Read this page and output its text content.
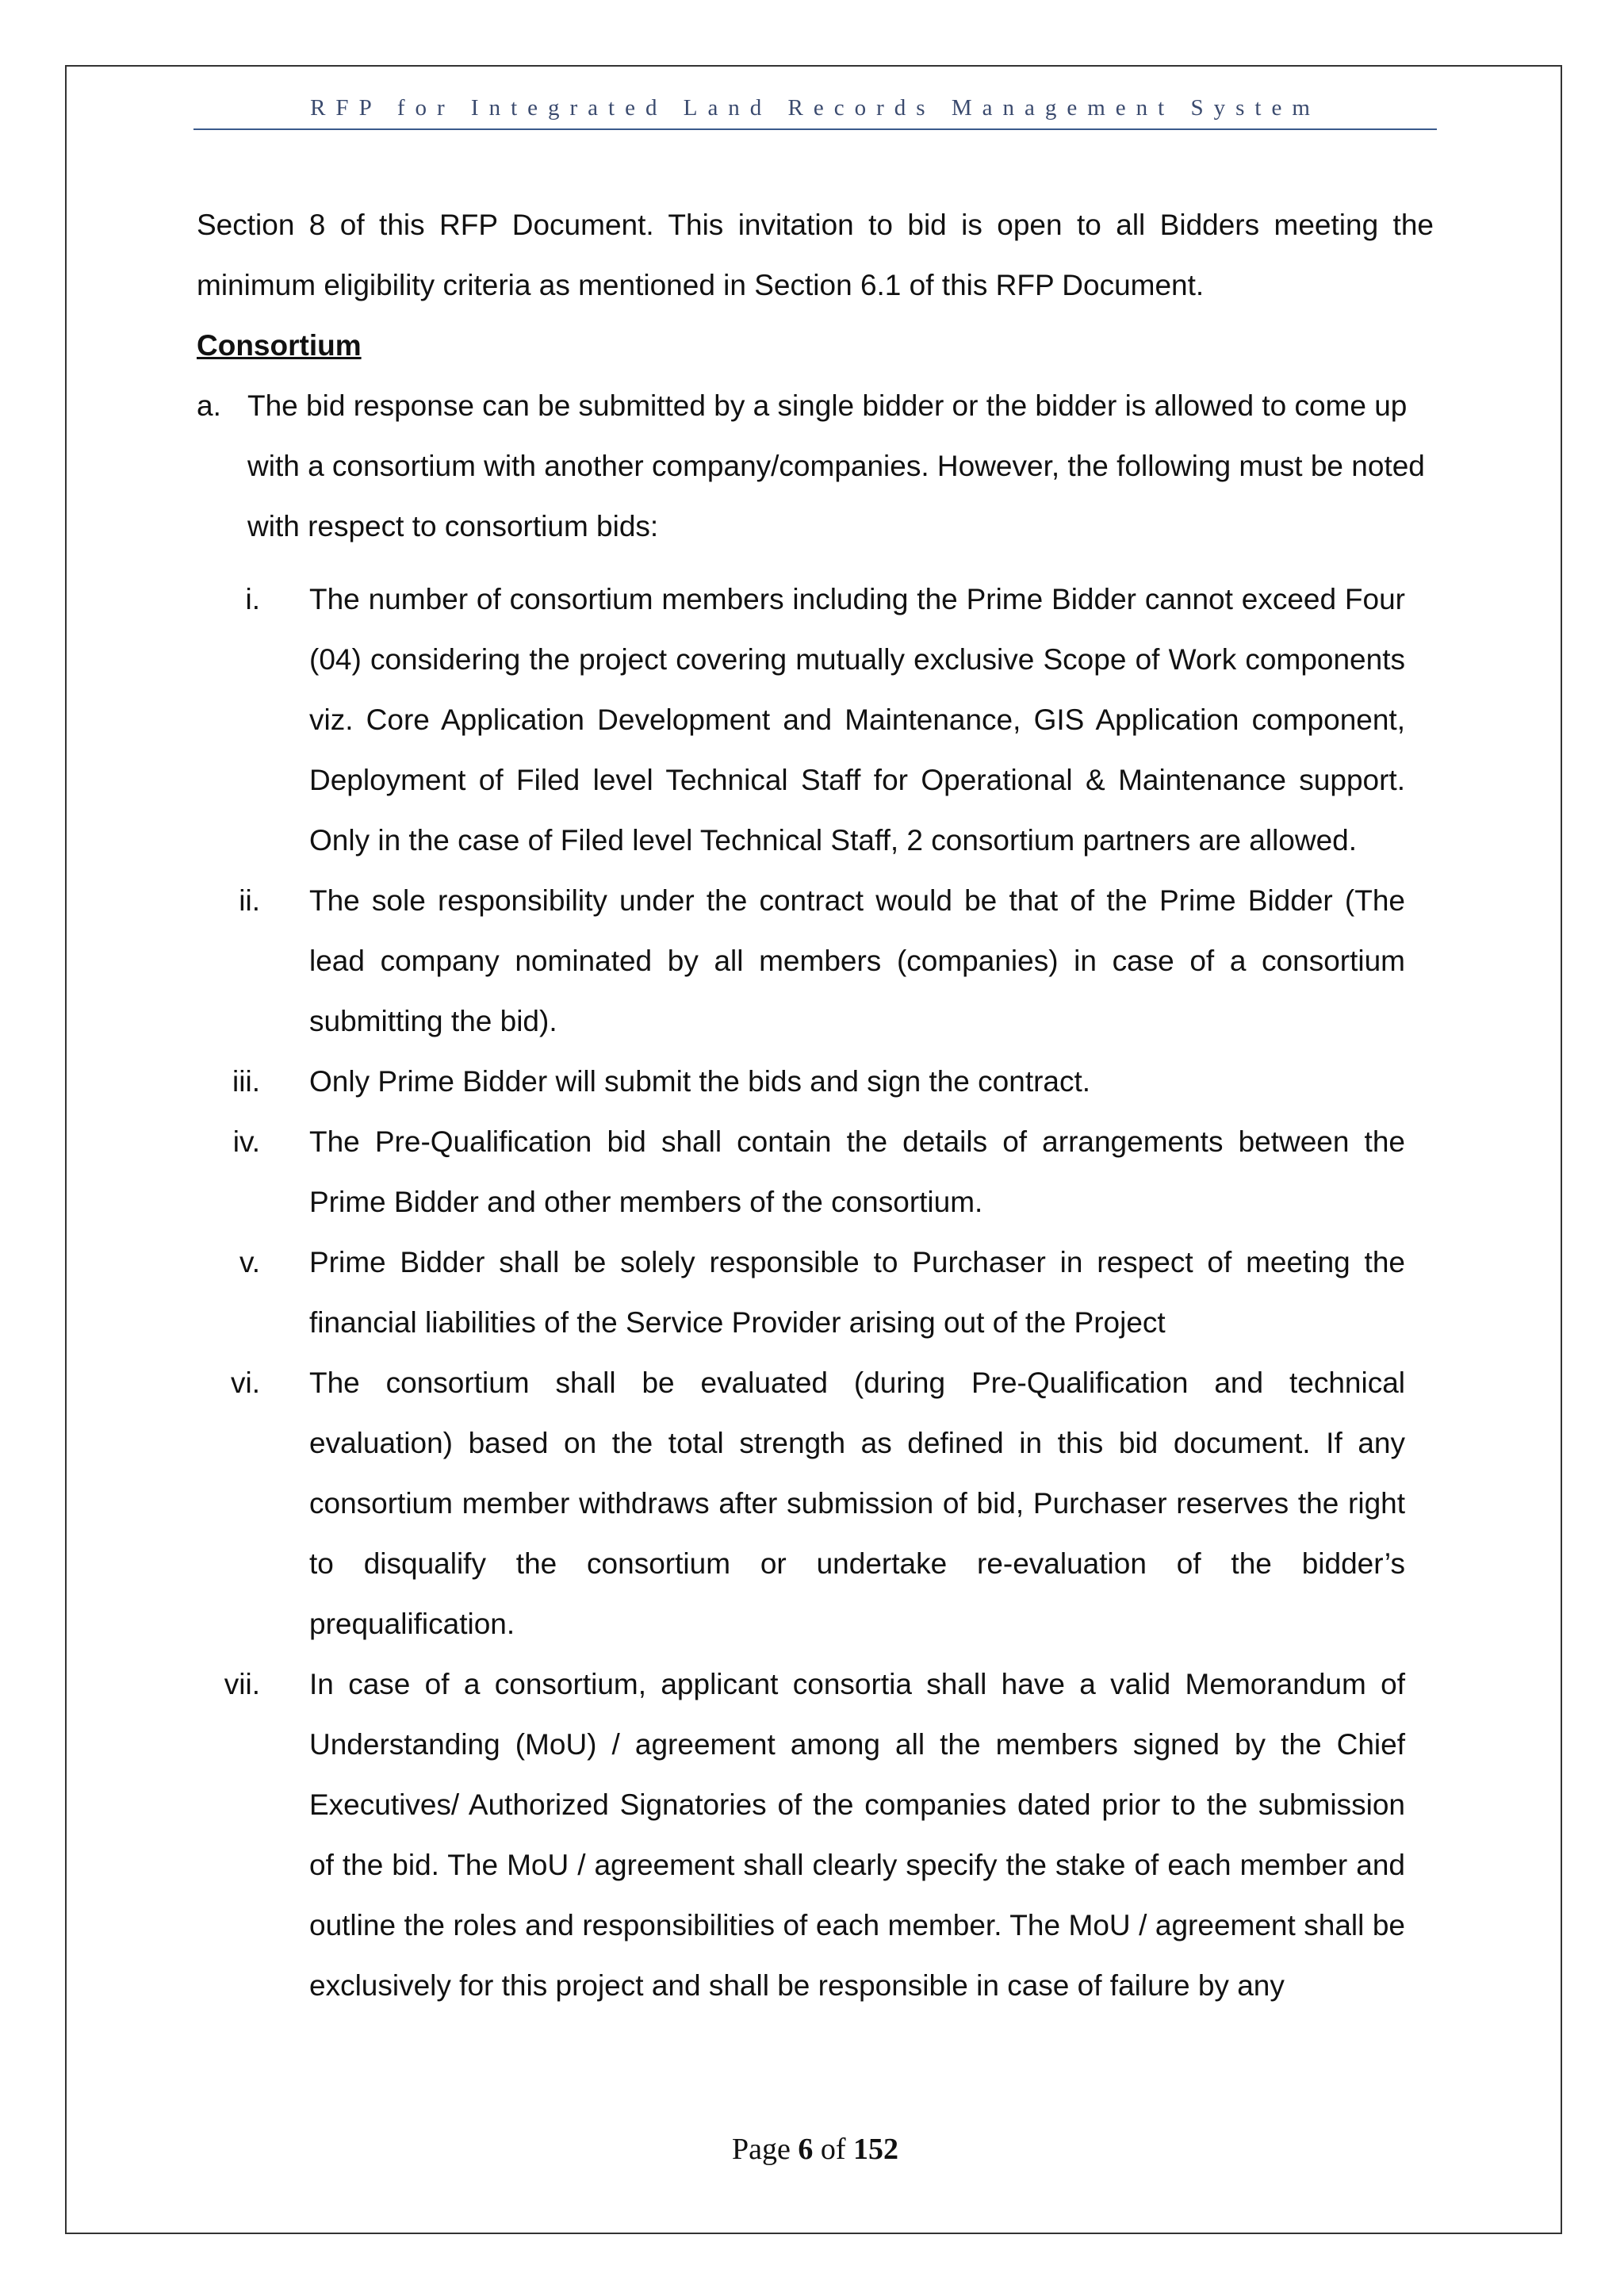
RFP for Integrated Land Records Management System

Section 8 of this RFP Document. This invitation to bid is open to all Bidders meeting the minimum eligibility criteria as mentioned in Section 6.1 of this RFP Document.

Consortium

a. The bid response can be submitted by a single bidder or the bidder is allowed to come up with a consortium with another company/companies. However, the following must be noted with respect to consortium bids:

i. The number of consortium members including the Prime Bidder cannot exceed Four (04) considering the project covering mutually exclusive Scope of Work components viz. Core Application Development and Maintenance, GIS Application component, Deployment of Filed level Technical Staff for Operational & Maintenance support. Only in the case of Filed level Technical Staff, 2 consortium partners are allowed.

ii. The sole responsibility under the contract would be that of the Prime Bidder (The lead company nominated by all members (companies) in case of a consortium submitting the bid).

iii. Only Prime Bidder will submit the bids and sign the contract.

iv. The Pre-Qualification bid shall contain the details of arrangements between the Prime Bidder and other members of the consortium.

v. Prime Bidder shall be solely responsible to Purchaser in respect of meeting the financial liabilities of the Service Provider arising out of the Project

vi. The consortium shall be evaluated (during Pre-Qualification and technical evaluation) based on the total strength as defined in this bid document. If any consortium member withdraws after submission of bid, Purchaser reserves the right to disqualify the consortium or undertake re-evaluation of the bidder’s prequalification.

vii. In case of a consortium, applicant consortia shall have a valid Memorandum of Understanding (MoU) / agreement among all the members signed by the Chief Executives/ Authorized Signatories of the companies dated prior to the submission of the bid. The MoU / agreement shall clearly specify the stake of each member and outline the roles and responsibilities of each member. The MoU / agreement shall be exclusively for this project and shall be responsible in case of failure by any

Page 6 of 152
